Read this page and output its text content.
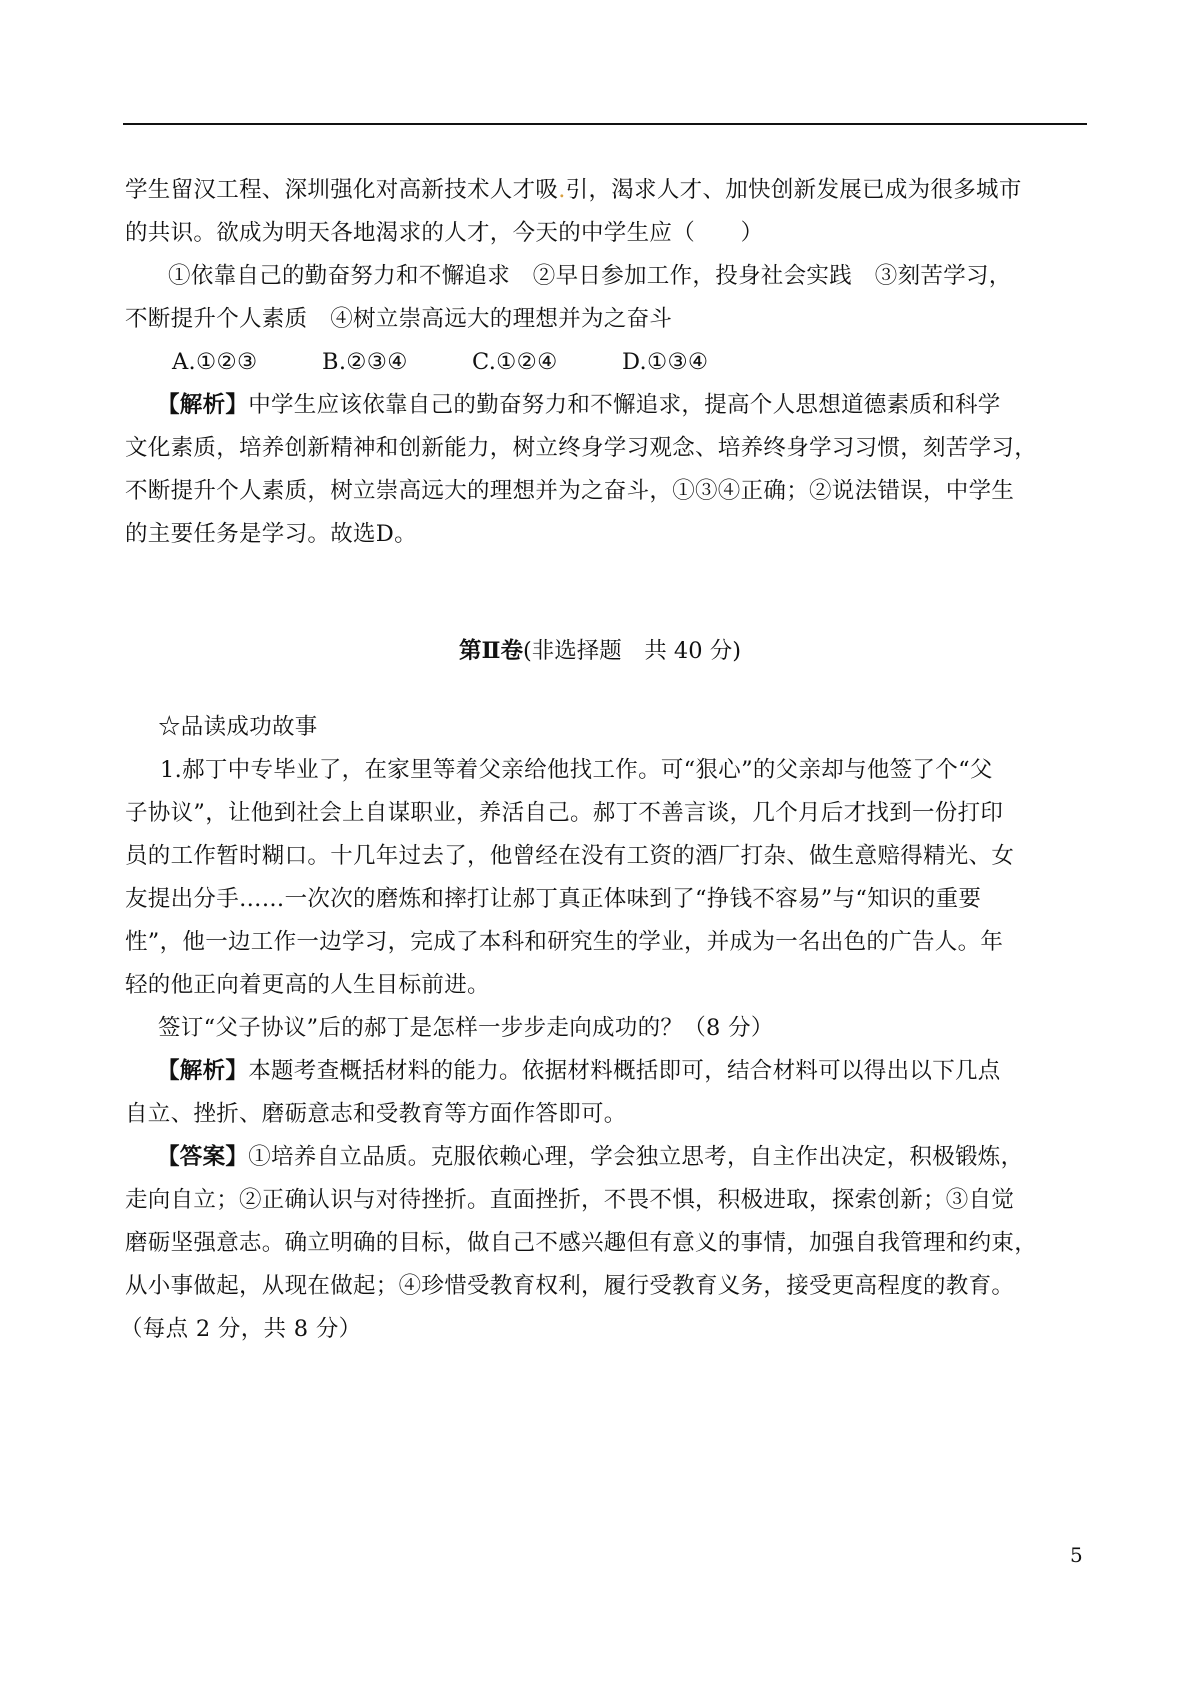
学生留汉工程、深圳强化对高新技术人才吸.引，渴求人才、加快创新发展已成为很多城市
的共识。欲成为明天各地渴求的人才，今天的中学生应（　　）
①依靠自己的勤奋努力和不懈追求　②早日参加工作，投身社会实践　③刻苦学习，
不断提升个人素质　④树立崇高远大的理想并为之奋斗
A.①②③	B.②③④	C.①②④	D.①③④
【解析】中学生应该依靠自己的勤奋努力和不懈追求，提高个人思想道德素质和科学
文化素质，培养创新精神和创新能力，树立终身学习观念、培养终身学习习惯，刻苦学习，
不断提升个人素质，树立崇高远大的理想并为之奋斗，①③④正确；②说法错误，中学生
的主要任务是学习。故选D。
第Ⅱ卷(非选择题　共 40 分)
☆品读成功故事
1.郝丁中专毕业了，在家里等着父亲给他找工作。可“狠心”的父亲却与他签了个“父
子协议”，让他到社会上自谋职业，养活自己。郝丁不善言谈，几个月后才找到一份打印
员的工作暂时糊口。十几年过去了，他曾经在没有工资的酒厂打杂、做生意赔得精光、女
友提出分手……一次次的磨炼和摔打让郝丁真正体味到了“挣钱不容易”与“知识的重要
性”，他一边工作一边学习，完成了本科和研究生的学业，并成为一名出色的广告人。年
轻的他正向着更高的人生目标前进。
签订“父子协议”后的郝丁是怎样一步步走向成功的？（8 分）
【解析】本题考查概括材料的能力。依据材料概括即可，结合材料可以得出以下几点
自立、挫折、磨砺意志和受教育等方面作答即可。
【答案】①培养自立品质。克服依赖心理，学会独立思考，自主作出决定，积极锻炼，
走向自立；②正确认识与对待挫折。直面挫折，不畏不惧，积极进取，探索创新；③自觉
磨砺坚强意志。确立明确的目标，做自己不感兴趣但有意义的事情，加强自我管理和约束，
从小事做起，从现在做起；④珍惜受教育权利，履行受教育义务，接受更高程度的教育。
（每点 2 分，共 8 分）
5
